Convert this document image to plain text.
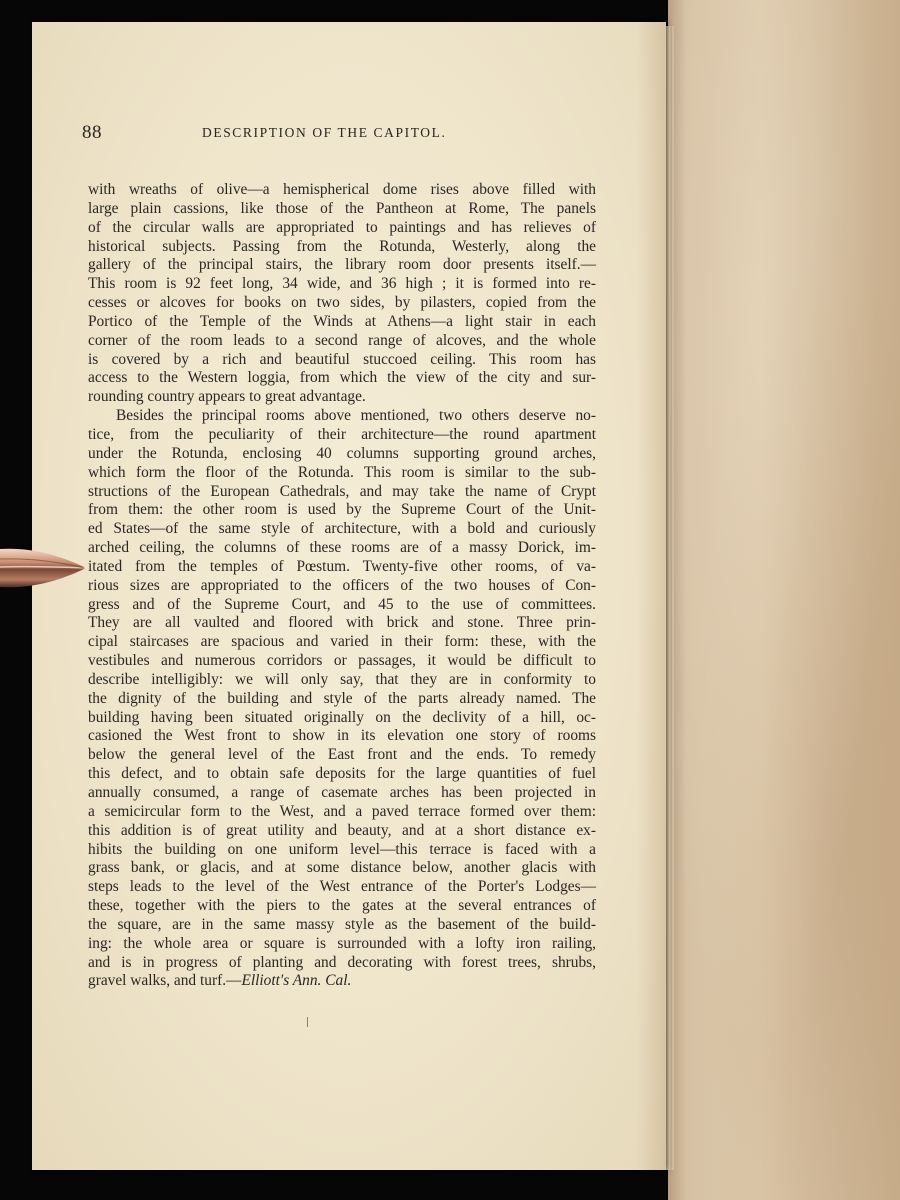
88	DESCRIPTION OF THE CAPITOL.
with wreaths of olive—a hemispherical dome rises above filled with
large plain cassions, like those of the Pantheon at Rome, The panels
of the circular walls are appropriated to paintings and has relieves of
historical subjects. Passing from the Rotunda, Westerly, along the
gallery of the principal stairs, the library room door presents itself.—
This room is 92 feet long, 34 wide, and 36 high ; it is formed into re-
cesses or alcoves for books on two sides, by pilasters, copied from the
Portico of the Temple of the Winds at Athens—a light stair in each
corner of the room leads to a second range of alcoves, and the whole
is covered by a rich and beautiful stuccoed ceiling. This room has
access to the Western loggia, from which the view of the city and sur-
rounding country appears to great advantage.
Besides the principal rooms above mentioned, two others deserve no-
tice, from the peculiarity of their architecture—the round apartment
under the Rotunda, enclosing 40 columns supporting ground arches,
which form the floor of the Rotunda. This room is similar to the sub-
structions of the European Cathedrals, and may take the name of Crypt
from them: the other room is used by the Supreme Court of the Unit-
ed States—of the same style of architecture, with a bold and curiously
arched ceiling, the columns of these rooms are of a massy Dorick, im-
itated from the temples of Pœstum. Twenty-five other rooms, of va-
rious sizes are appropriated to the officers of the two houses of Con-
gress and of the Supreme Court, and 45 to the use of committees.
They are all vaulted and floored with brick and stone. Three prin-
cipal staircases are spacious and varied in their form: these, with the
vestibules and numerous corridors or passages, it would be difficult to
describe intelligibly: we will only say, that they are in conformity to
the dignity of the building and style of the parts already named. The
building having been situated originally on the declivity of a hill, oc-
casioned the West front to show in its elevation one story of rooms
below the general level of the East front and the ends. To remedy
this defect, and to obtain safe deposits for the large quantities of fuel
annually consumed, a range of casemate arches has been projected in
a semicircular form to the West, and a paved terrace formed over them:
this addition is of great utility and beauty, and at a short distance ex-
hibits the building on one uniform level—this terrace is faced with a
grass bank, or glacis, and at some distance below, another glacis with
steps leads to the level of the West entrance of the Porter's Lodges—
these, together with the piers to the gates at the several entrances of
the square, are in the same massy style as the basement of the build-
ing: the whole area or square is surrounded with a lofty iron railing,
and is in progress of planting and decorating with forest trees, shrubs,
gravel walks, and turf.—Elliott's Ann. Cal.
